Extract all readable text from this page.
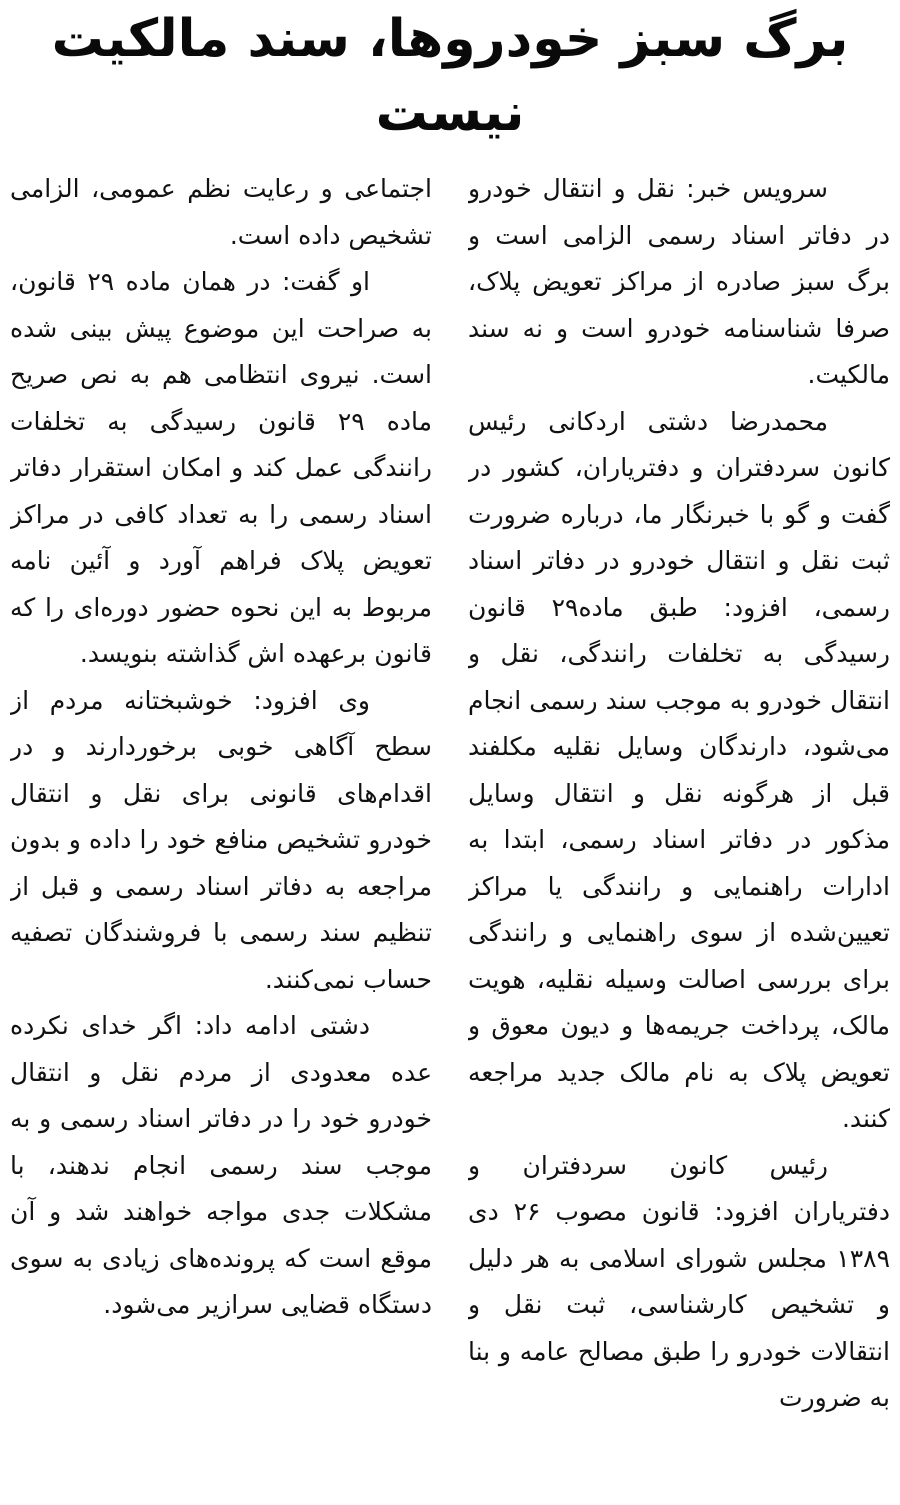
برگ سبز خودروها، سند مالکیت نیست

سرویس خبر: نقل و انتقال خودرو در دفاتر اسناد رسمی الزامی است و برگ سبز صادره از مراکز تعویض پلاک، صرفا شناسنامه خودرو است و نه سند مالکیت.

محمدرضا دشتی اردکانی رئیس کانون سردفتران و دفتریاران، کشور در گفت و گو با خبرنگار ما، درباره ضرورت ثبت نقل و انتقال خودرو در دفاتر اسناد رسمی، افزود: طبق ماده۲۹ قانون رسیدگی به تخلفات رانندگی، نقل و انتقال خودرو به موجب سند رسمی انجام می‌شود، دارندگان وسایل نقلیه مکلفند قبل از هرگونه نقل و انتقال وسایل مذکور در دفاتر اسناد رسمی، ابتدا به ادارات راهنمایی و رانندگی یا مراکز تعیین‌شده از سوی راهنمایی و رانندگی برای بررسی اصالت وسیله نقلیه، هویت مالک، پرداخت جریمه‌ها و دیون معوق و تعویض پلاک به نام مالک جدید مراجعه کنند.

رئیس کانون سردفتران و دفتریاران افزود: قانون مصوب ۲۶ دی ۱۳۸۹ مجلس شورای اسلامی به هر دلیل و تشخیص کارشناسی، ثبت نقل و انتقالات خودرو را طبق مصالح عامه و بنا به ضرورت

اجتماعی و رعایت نظم عمومی، الزامی تشخیص داده است.

او گفت: در همان ماده ۲۹ قانون، به صراحت این موضوع پیش بینی شده است. نیروی انتظامی هم به نص صریح ماده ۲۹ قانون رسیدگی به تخلفات رانندگی عمل کند و امکان استقرار دفاتر اسناد رسمی را به تعداد کافی در مراکز تعویض پلاک فراهم آورد و آئین نامه مربوط به این نحوه حضور دوره‌ای را که قانون برعهده اش گذاشته بنویسد.

وی افزود: خوشبختانه مردم از سطح آگاهی خوبی برخوردارند و در اقدام‌های قانونی برای نقل و انتقال خودرو تشخیص منافع خود را داده و بدون مراجعه به دفاتر اسناد رسمی و قبل از تنظیم سند رسمی با فروشندگان تصفیه حساب نمی‌کنند.

دشتی ادامه داد: اگر خدای نکرده عده معدودی از مردم نقل و انتقال خودرو خود را در دفاتر اسناد رسمی و به موجب سند رسمی انجام ندهند، با مشکلات جدی مواجه خواهند شد و آن موقع است که پرونده‌های زیادی به سوی دستگاه قضایی سرازیر می‌شود.
